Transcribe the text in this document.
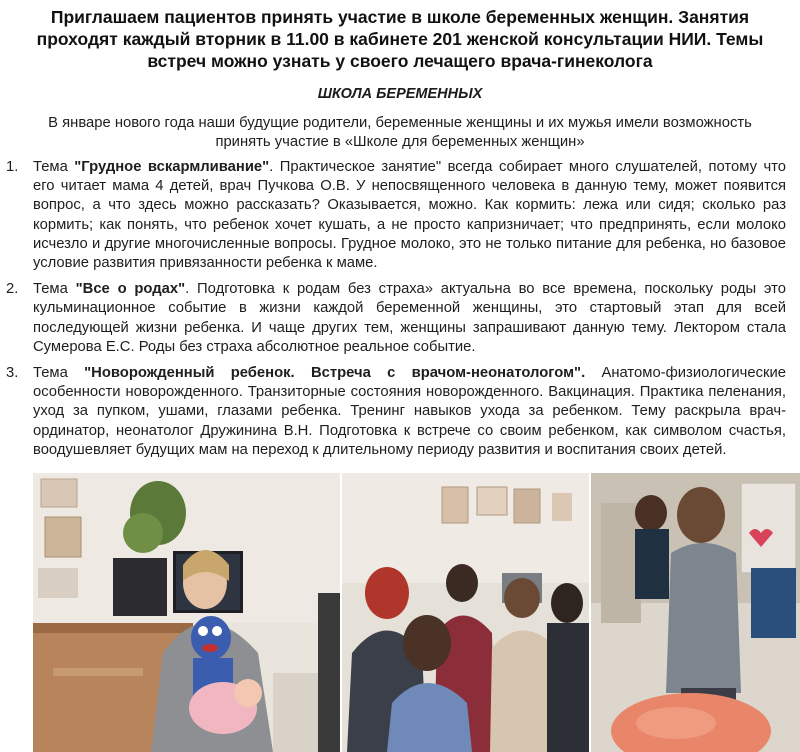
Приглашаем пациентов принять участие в школе беременных женщин. Занятия проходят каждый вторник в 11.00 в кабинете 201 женской консультации НИИ. Темы встреч можно узнать у своего лечащего врача-гинеколога
ШКОЛА БЕРЕМЕННЫХ
В январе нового года наши будущие родители, беременные женщины и их мужья имели возможность принять участие в «Школе для беременных женщин»
1. Тема "Грудное вскармливание". Практическое занятие" всегда собирает много слушателей, потому что его читает мама 4 детей, врач Пучкова О.В. У непосвященного человека в данную тему, может появится вопрос, а что здесь можно рассказать? Оказывается, можно. Как кормить: лежа или сидя; сколько раз кормить; как понять, что ребенок хочет кушать, а не просто капризничает; что предпринять, если молоко исчезло и другие многочисленные вопросы. Грудное молоко, это не только питание для ребенка, но базовое условие развития привязанности ребенка к маме.
2. Тема "Все о родах". Подготовка к родам без страха» актуальна во все времена, поскольку роды это кульминационное событие в жизни каждой беременной женщины, это стартовый этап для всей последующей жизни ребенка. И чаще других тем, женщины запрашивают данную тему. Лектором стала Сумерова Е.С. Роды без страха абсолютное реальное событие.
3. Тема "Новорожденный ребенок. Встреча с врачом-неонатологом". Анатомо-физиологические особенности новорожденного. Транзиторные состояния новорожденного. Вакцинация. Практика пеленания, уход за пупком, ушами, глазами ребенка. Тренинг навыков ухода за ребенком. Тему раскрыла врач-ординатор, неонатолог Дружинина В.Н. Подготовка к встрече со своим ребенком, как символом счастья, воодушевляет будущих мам на переход к длительному периоду развития и воспитания своих детей.
